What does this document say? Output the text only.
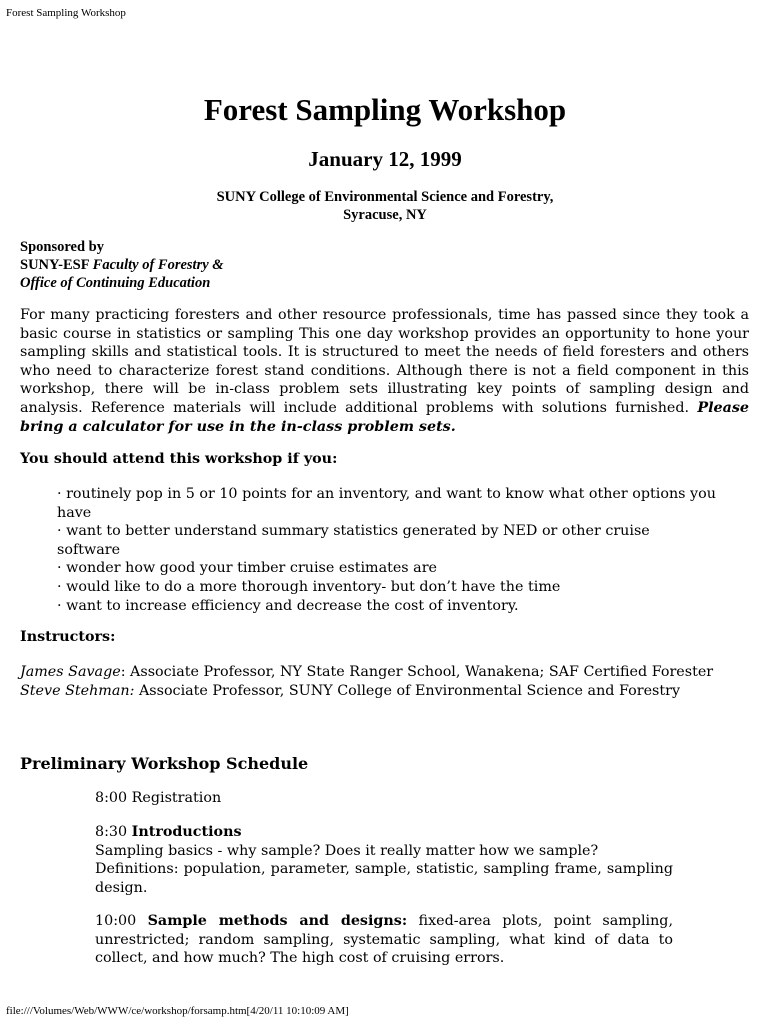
Forest Sampling Workshop
Forest Sampling Workshop
January 12, 1999
SUNY College of Environmental Science and Forestry,
Syracuse, NY
Sponsored by
SUNY-ESF Faculty of Forestry &
Office of Continuing Education
For many practicing foresters and other resource professionals, time has passed since they took a basic course in statistics or sampling This one day workshop provides an opportunity to hone your sampling skills and statistical tools. It is structured to meet the needs of field foresters and others who need to characterize forest stand conditions. Although there is not a field component in this workshop, there will be in-class problem sets illustrating key points of sampling design and analysis. Reference materials will include additional problems with solutions furnished. Please bring a calculator for use in the in-class problem sets.
You should attend this workshop if you:
· routinely pop in 5 or 10 points for an inventory, and want to know what other options you have
· want to better understand summary statistics generated by NED or other cruise software
· wonder how good your timber cruise estimates are
· would like to do a more thorough inventory- but don’t have the time
· want to increase efficiency and decrease the cost of inventory.
Instructors:
James Savage: Associate Professor, NY State Ranger School, Wanakena; SAF Certified Forester
Steve Stehman: Associate Professor, SUNY College of Environmental Science and Forestry
Preliminary Workshop Schedule
8:00 Registration
8:30 Introductions
Sampling basics - why sample? Does it really matter how we sample?
Definitions: population, parameter, sample, statistic, sampling frame, sampling design.
10:00 Sample methods and designs: fixed-area plots, point sampling, unrestricted; random sampling, systematic sampling, what kind of data to collect, and how much? The high cost of cruising errors.
file:///Volumes/Web/WWW/ce/workshop/forsamp.htm[4/20/11 10:10:09 AM]
